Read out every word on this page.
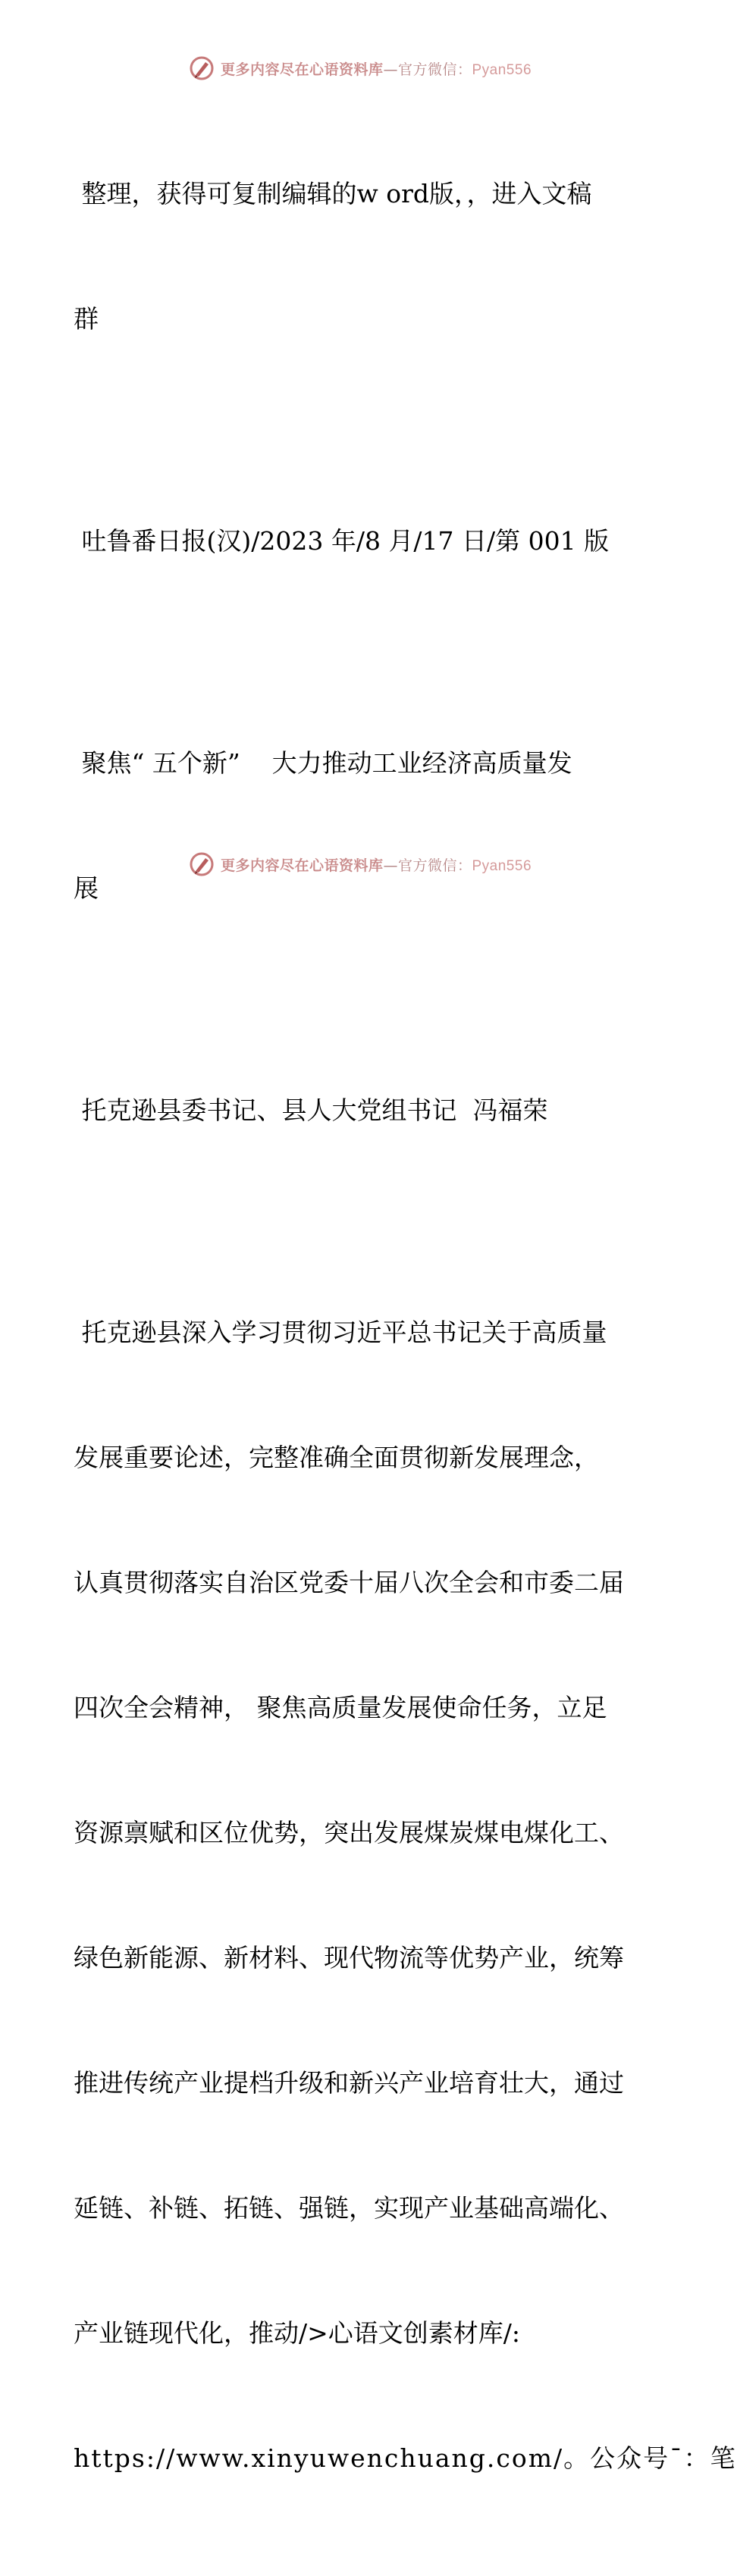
更多内容尽在心语资料库—官方微信：Pyan556

整理，获得可复制编辑的w ord版，，进入文稿

群

吐鲁番日报(汉)/2023 年/8 月/17 日/第 001 版

聚焦“ 五个新”    大力推动工业经济高质量发

展

托克逊县委书记、县人大党组书记  冯福荣

托克逊县深入学习贯彻习近平总书记关于高质量

发展重要论述，完整准确全面贯彻新发展理念，

认真贯彻落实自治区党委十届八次全会和市委二届

四次全会精神， 聚焦高质量发展使命任务，立足

资源禀赋和区位优势，突出发展煤炭煤电煤化工、

绿色新能源、新材料、现代物流等优势产业，统筹

推进传统产业提档升级和新兴产业培育壮大，通过

延链、补链、拓链、强链，实现产业基础高端化、

产业链现代化，推动/>心语文创素材库/:

https://www.xinyuwenchuang.com/。公众号¯：笔

更多内容尽在心语资料库—官方微信：Pyan556
